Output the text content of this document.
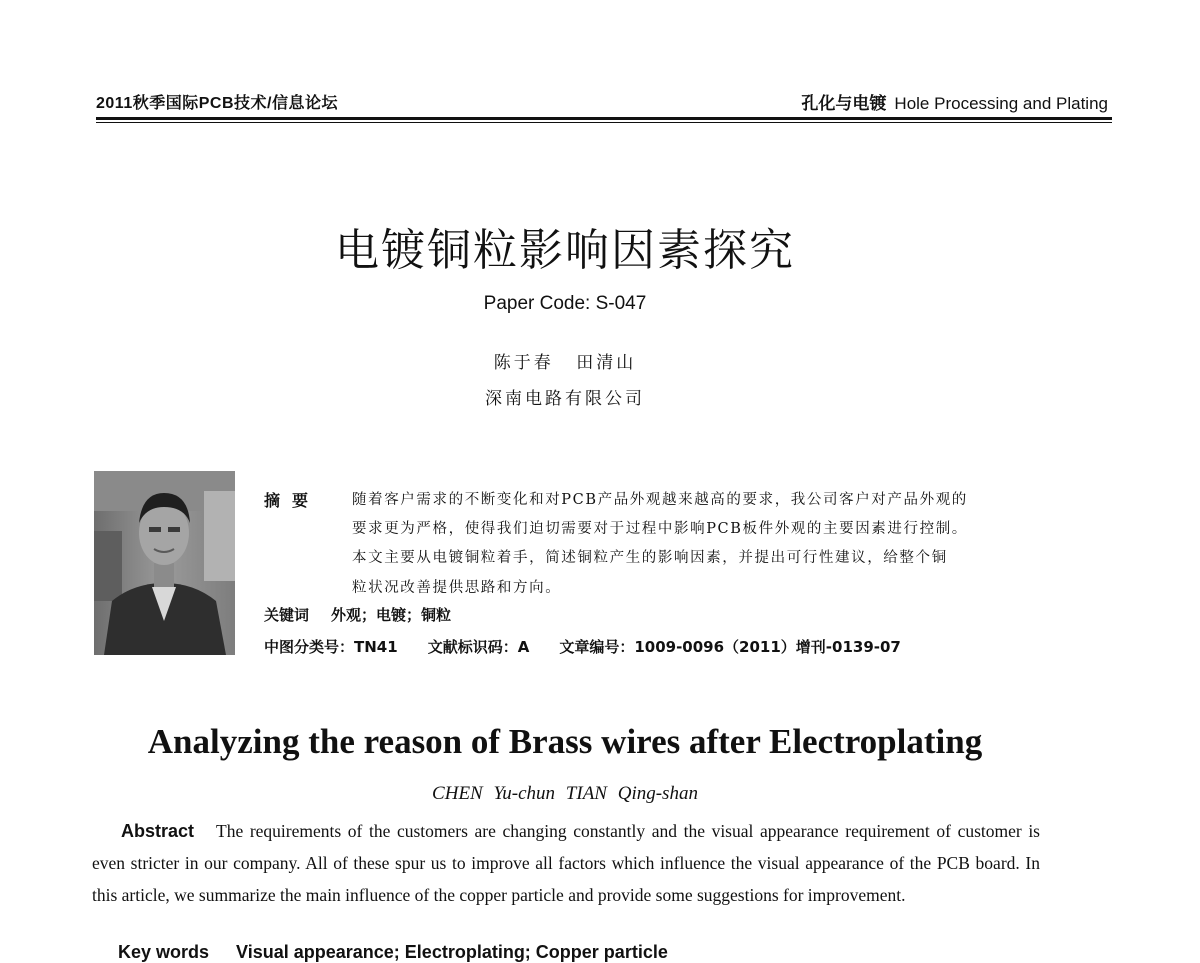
2011秋季国际PCB技术/信息论坛	孔化与电镀 Hole Processing and Plating
电镀铜粒影响因素探究
Paper Code: S-047
陈于春 田清山
深南电路有限公司
摘要 随着客户需求的不断变化和对PCB产品外观越来越高的要求，我公司客户对产品外观的
要求更为严格，使得我们迫切需要对于过程中影响PCB板件外观的主要因素进行控制。
本文主要从电镀铜粒着手，简述铜粒产生的影响因素，并提出可行性建议，给整个铜
粒状况改善提供思路和方向。
关键词 外观；电镀；铜粒
中图分类号：TN41 文献标识码：A 文章编号：1009-0096（2011）增刊-0139-07
Analyzing the reason of Brass wires after Electroplating
CHEN Yu-chun TIAN Qing-shan
Abstract The requirements of the customers are changing constantly and the visual appearance requirement of customer is even stricter in our company. All of these spur us to improve all factors which influence the visual appearance of the PCB board. In this article, we summarize the main influence of the copper particle and provide some suggestions for improvement.
Key words Visual appearance; Electroplating; Copper particle
